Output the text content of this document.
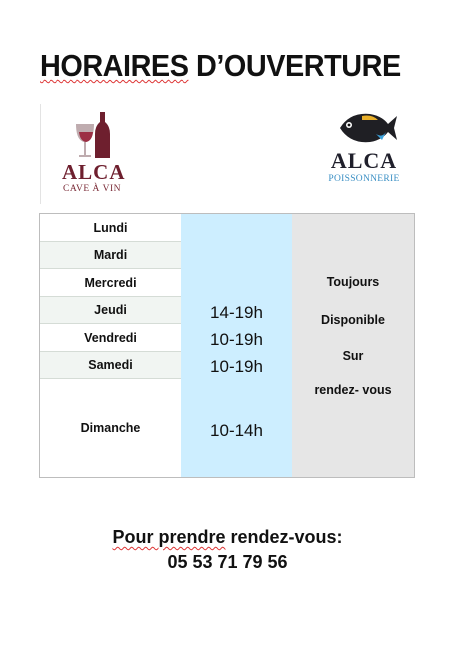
HORAIRES D’OUVERTURE
ALCA
CAVE À VIN
ALCA
POISSONNERIE
Lundi
Mardi
Mercredi
Jeudi
Vendredi
Samedi
Dimanche
14-19h
10-19h
10-19h
10-14h
Toujours
Disponible
Sur
rendez- vous
Pour prendre rendez-vous:
05 53 71 79 56
